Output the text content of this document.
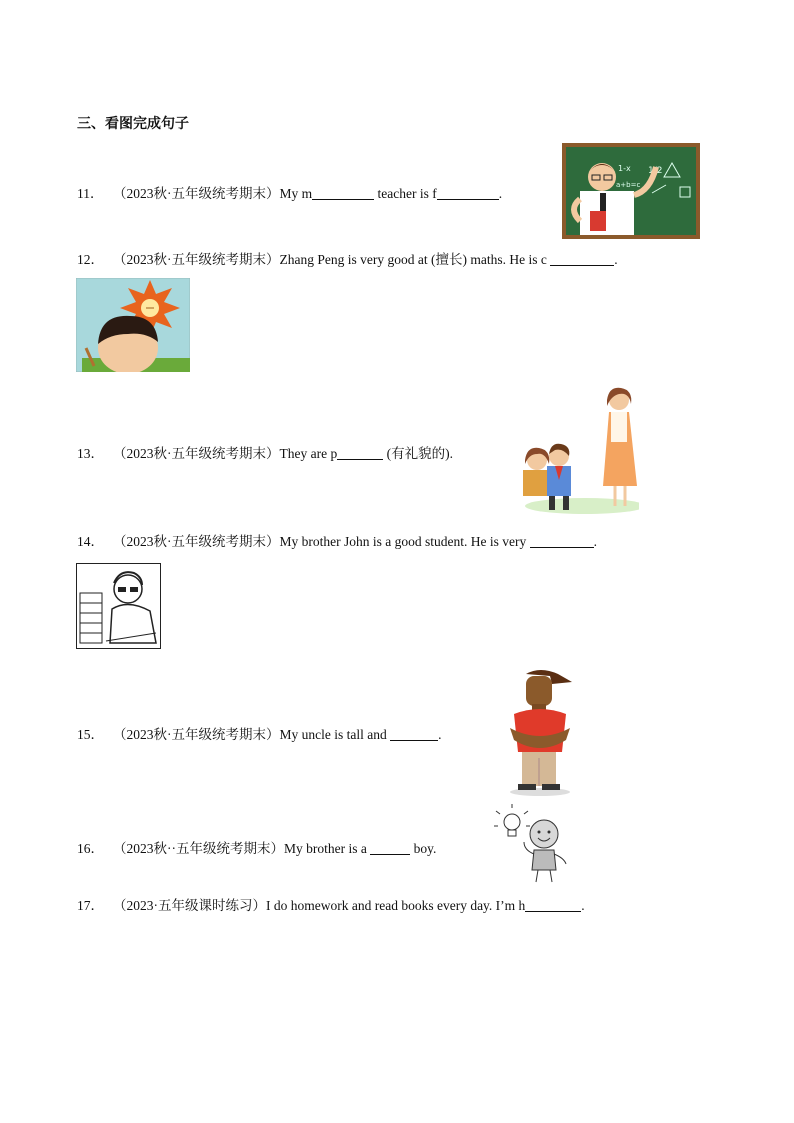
三、看图完成句子
11． （2023秋·五年级统考期末）My m	teacher is f	.
1-x 1/2
a+b=c
12． （2023秋·五年级统考期末）Zhang Peng is very good at (擅长) maths. He is c	.
13． （2023秋·五年级统考期末）They are p	(有礼貌的).
14． （2023秋·五年级统考期末）My brother John is a good student. He is very	.
15． （2023秋·五年级统考期末）My uncle is tall and	.
16． （2023秋··五年级统考期末）My brother is a	boy.
17． （2023·五年级课时练习）I do homework and read books every day. I’m h	.
